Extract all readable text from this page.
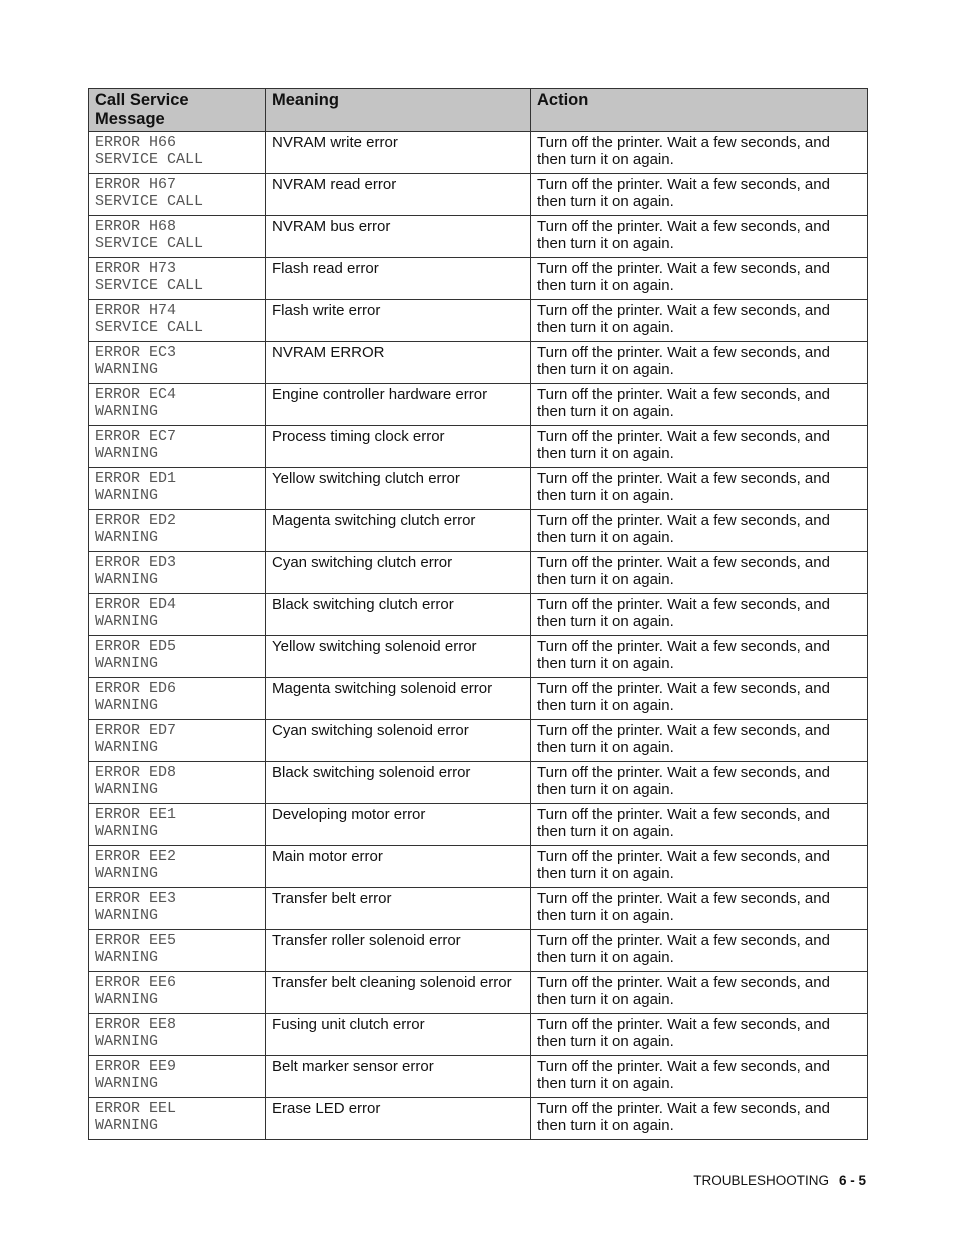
Call Service Message	Meaning	Action

ERROR H66
SERVICE CALL	NVRAM write error	Turn off the printer. Wait a few seconds, and then turn it on again.

ERROR H67
SERVICE CALL	NVRAM read error	Turn off the printer. Wait a few seconds, and then turn it on again.

ERROR H68
SERVICE CALL	NVRAM bus error	Turn off the printer. Wait a few seconds, and then turn it on again.

ERROR H73
SERVICE CALL	Flash read error	Turn off the printer. Wait a few seconds, and then turn it on again.

ERROR H74
SERVICE CALL	Flash write error	Turn off the printer. Wait a few seconds, and then turn it on again.

ERROR EC3
WARNING	NVRAM ERROR	Turn off the printer. Wait a few seconds, and then turn it on again.

ERROR EC4
WARNING	Engine controller hardware error	Turn off the printer. Wait a few seconds, and then turn it on again.

ERROR EC7
WARNING	Process timing clock error	Turn off the printer. Wait a few seconds, and then turn it on again.

ERROR ED1
WARNING	Yellow switching clutch error	Turn off the printer. Wait a few seconds, and then turn it on again.

ERROR ED2
WARNING	Magenta switching clutch error	Turn off the printer. Wait a few seconds, and then turn it on again.

ERROR ED3
WARNING	Cyan switching clutch error	Turn off the printer. Wait a few seconds, and then turn it on again.

ERROR ED4
WARNING	Black switching clutch error	Turn off the printer. Wait a few seconds, and then turn it on again.

ERROR ED5
WARNING	Yellow switching solenoid error	Turn off the printer. Wait a few seconds, and then turn it on again.

ERROR ED6
WARNING	Magenta switching solenoid error	Turn off the printer. Wait a few seconds, and then turn it on again.

ERROR ED7
WARNING	Cyan switching solenoid error	Turn off the printer. Wait a few seconds, and then turn it on again.

ERROR ED8
WARNING	Black switching solenoid error	Turn off the printer. Wait a few seconds, and then turn it on again.

ERROR EE1
WARNING	Developing motor error	Turn off the printer. Wait a few seconds, and then turn it on again.

ERROR EE2
WARNING	Main motor error	Turn off the printer. Wait a few seconds, and then turn it on again.

ERROR EE3
WARNING	Transfer belt error	Turn off the printer. Wait a few seconds, and then turn it on again.

ERROR EE5
WARNING	Transfer roller solenoid error	Turn off the printer. Wait a few seconds, and then turn it on again.

ERROR EE6
WARNING	Transfer belt cleaning solenoid error	Turn off the printer. Wait a few seconds, and then turn it on again.

ERROR EE8
WARNING	Fusing unit clutch error	Turn off the printer. Wait a few seconds, and then turn it on again.

ERROR EE9
WARNING	Belt marker sensor error	Turn off the printer. Wait a few seconds, and then turn it on again.

ERROR EEL
WARNING	Erase LED error	Turn off the printer. Wait a few seconds, and then turn it on again.
TROUBLESHOOTING 6 - 5
